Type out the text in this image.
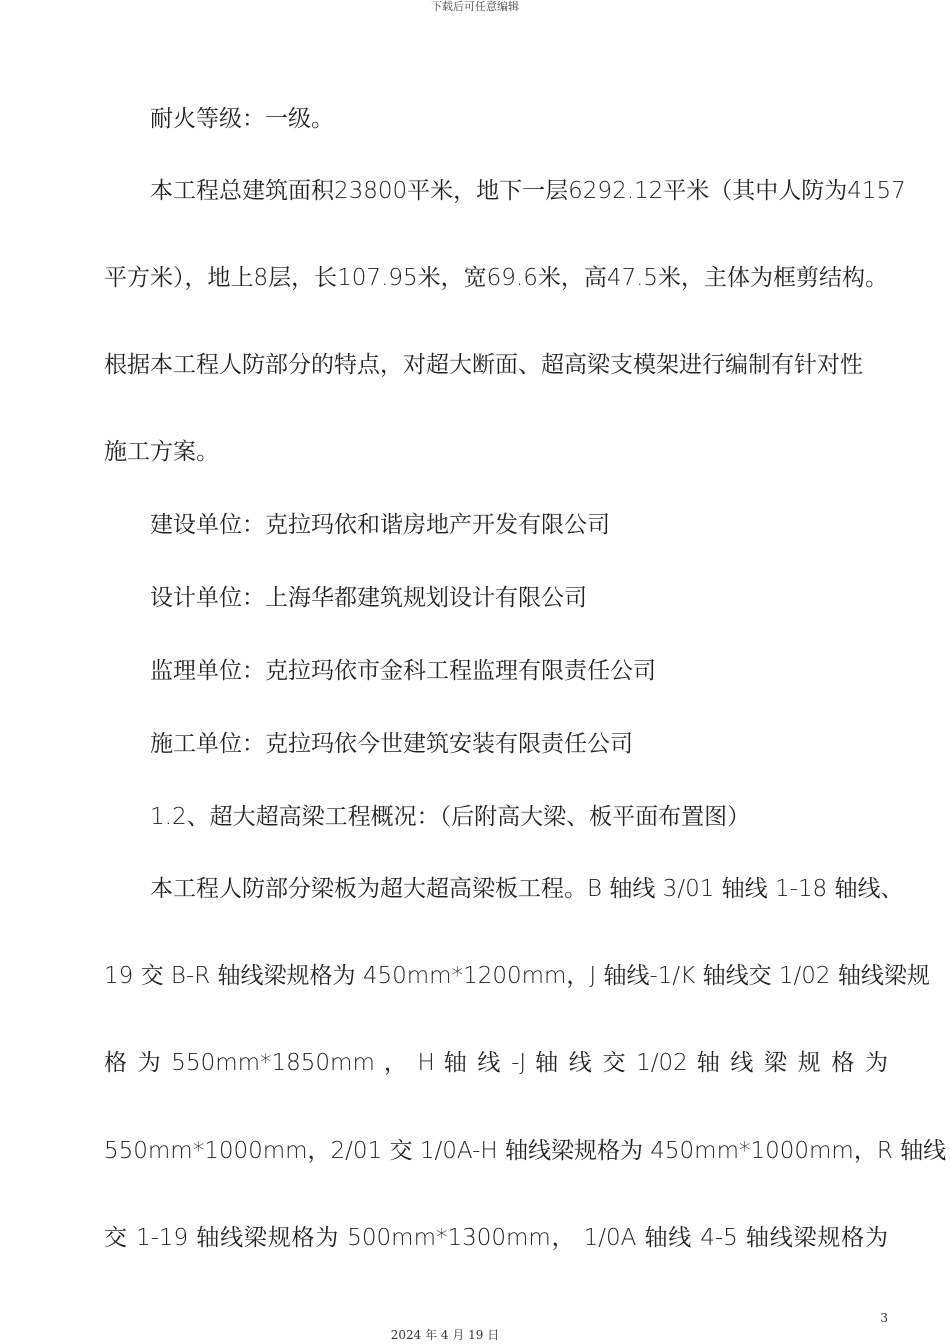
下载后可任意编辑
耐火等级：一级。
本工程总建筑面积23800平米，地下一层6292.12平米（其中人防为4157
平方米），地上8层，长107.95米，宽69.6米，高47.5米，主体为框剪结构。
根据本工程人防部分的特点，对超大断面、超高梁支模架进行编制有针对性
施工方案。
建设单位：克拉玛依和谐房地产开发有限公司
设计单位：上海华都建筑规划设计有限公司
监理单位：克拉玛依市金科工程监理有限责任公司
施工单位：克拉玛依今世建筑安装有限责任公司
1.2、超大超高梁工程概况：（后附高大梁、板平面布置图）
本工程人防部分梁板为超大超高梁板工程。B 轴线 3/01 轴线 1-18 轴线、
19 交 B-R 轴线梁规格为 450mm*1200mm，J 轴线-1/K 轴线交 1/02 轴线梁规
格 为 550mm*1850mm ， H 轴 线 -J 轴 线 交 1/02 轴 线 梁 规 格 为
550mm*1000mm，2/01 交 1/0A-H 轴线梁规格为 450mm*1000mm，R 轴线
交 1-19 轴线梁规格为 500mm*1300mm， 1/0A 轴线 4-5 轴线梁规格为
3
2024 年 4 月 19 日
